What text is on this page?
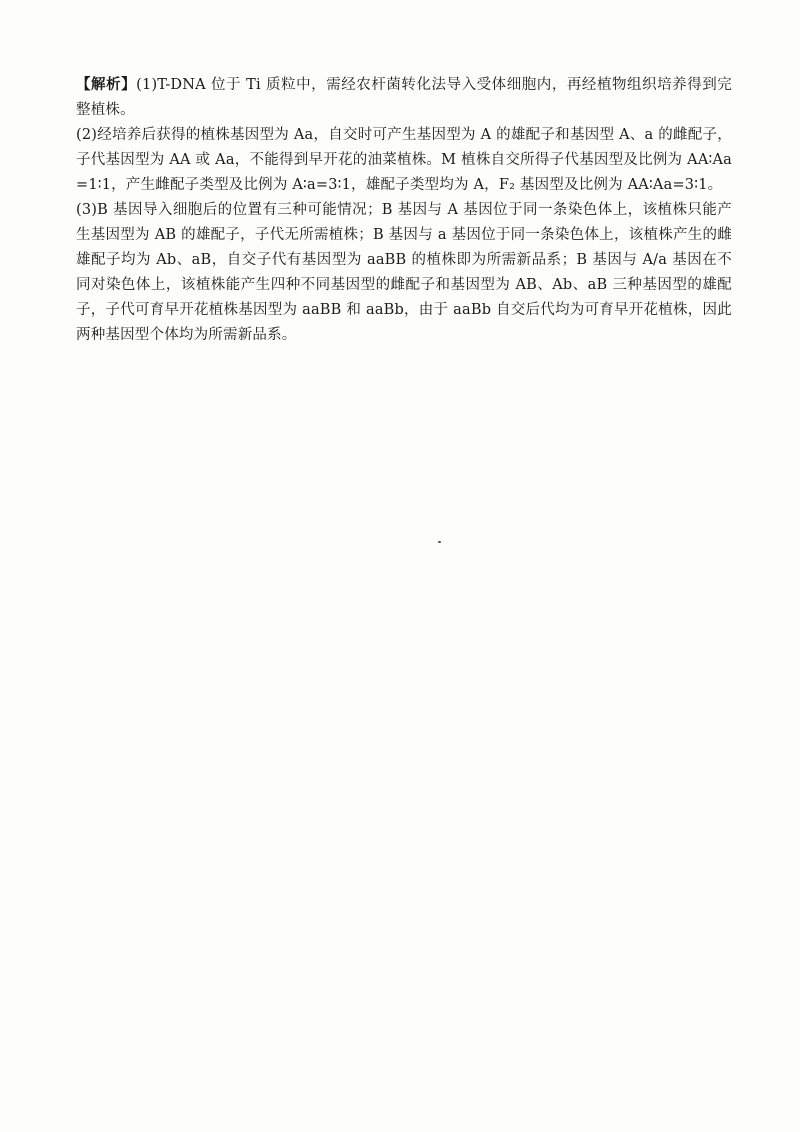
【解析】(1)T-DNA 位于 Ti 质粒中，需经农杆菌转化法导入受体细胞内，再经植物组织培养得到完整植株。

(2)经培养后获得的植株基因型为 Aa，自交时可产生基因型为 A 的雄配子和基因型 A、a 的雌配子，子代基因型为 AA 或 Aa，不能得到早开花的油菜植株。M 植株自交所得子代基因型及比例为 AA∶Aa=1∶1，产生雌配子类型及比例为 A∶a=3∶1，雄配子类型均为 A，F₂ 基因型及比例为 AA∶Aa=3∶1。

(3)B 基因导入细胞后的位置有三种可能情况；B 基因与 A 基因位于同一条染色体上，该植株只能产生基因型为 AB 的雄配子，子代无所需植株；B 基因与 a 基因位于同一条染色体上，该植株产生的雌雄配子均为 Ab、aB，自交子代有基因型为 aaBB 的植株即为所需新品系；B 基因与 A/a 基因在不同对染色体上，该植株能产生四种不同基因型的雌配子和基因型为 AB、Ab、aB 三种基因型的雄配子，子代可育早开花植株基因型为 aaBB 和 aaBb，由于 aaBb 自交后代均为可育早开花植株，因此两种基因型个体均为所需新品系。
